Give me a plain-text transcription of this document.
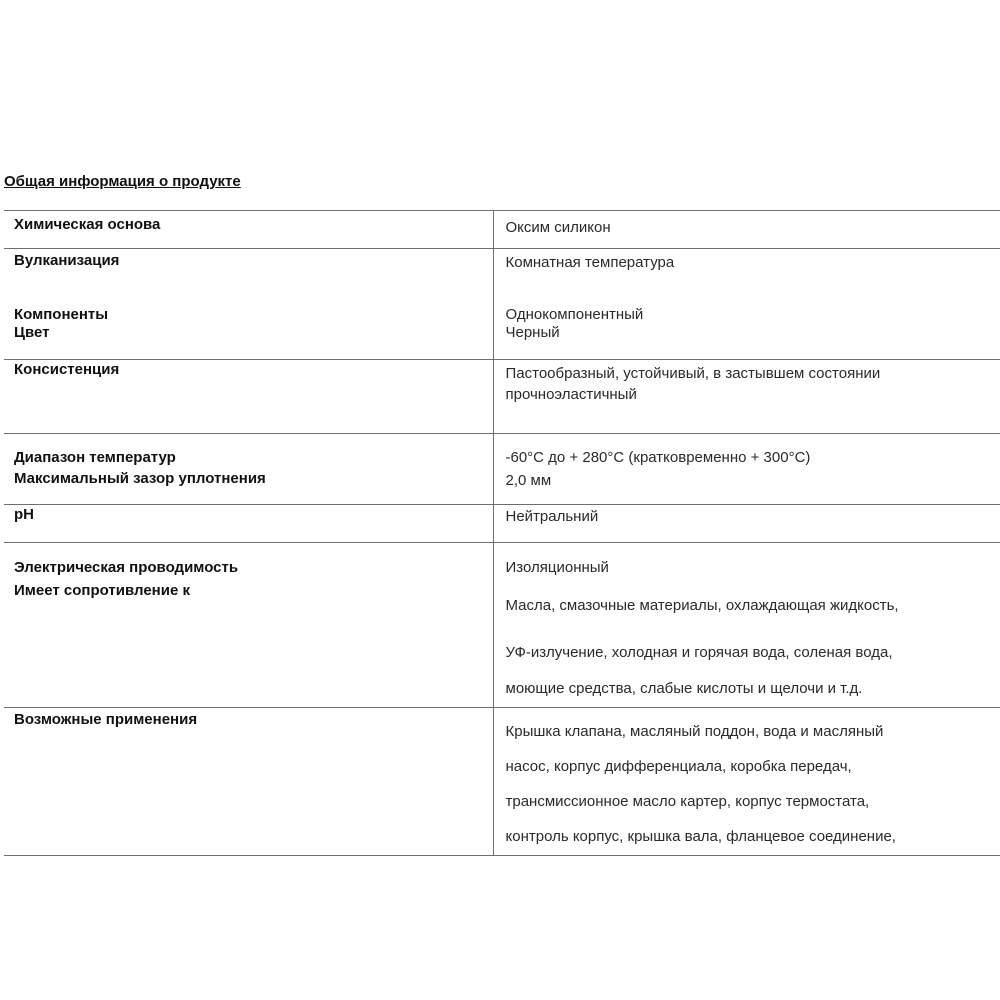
Общая информация о продукте
Химическая основа	Оксим силикон

Вулканизация	Комнатная температура

Компоненты	Однокомпонентный

Цвет	Черный

Консистенция	Пастообразный, устойчивый, в застывшем состоянии
прочноэластичный

Диапазон температур	-60°C до + 280°C (кратковременно + 300°C)

Максимальный зазор уплотнения	2,0 мм

pH	Нейтральний

Электрическая проводимость	Изоляционный

Имеет сопротивление к	Масла, смазочные материалы, охлаждающая жидкость,
УФ-излучение, холодная и горячая вода, соленая вода,
моющие средства, слабые кислоты и щелочи и т.д.

Возможные применения	Крышка клапана, масляный поддон, вода и масляный
насос, корпус дифференциала, коробка передач,
трансмиссионное масло картер, корпус термостата,
контроль корпус, крышка вала, фланцевое соединение,
